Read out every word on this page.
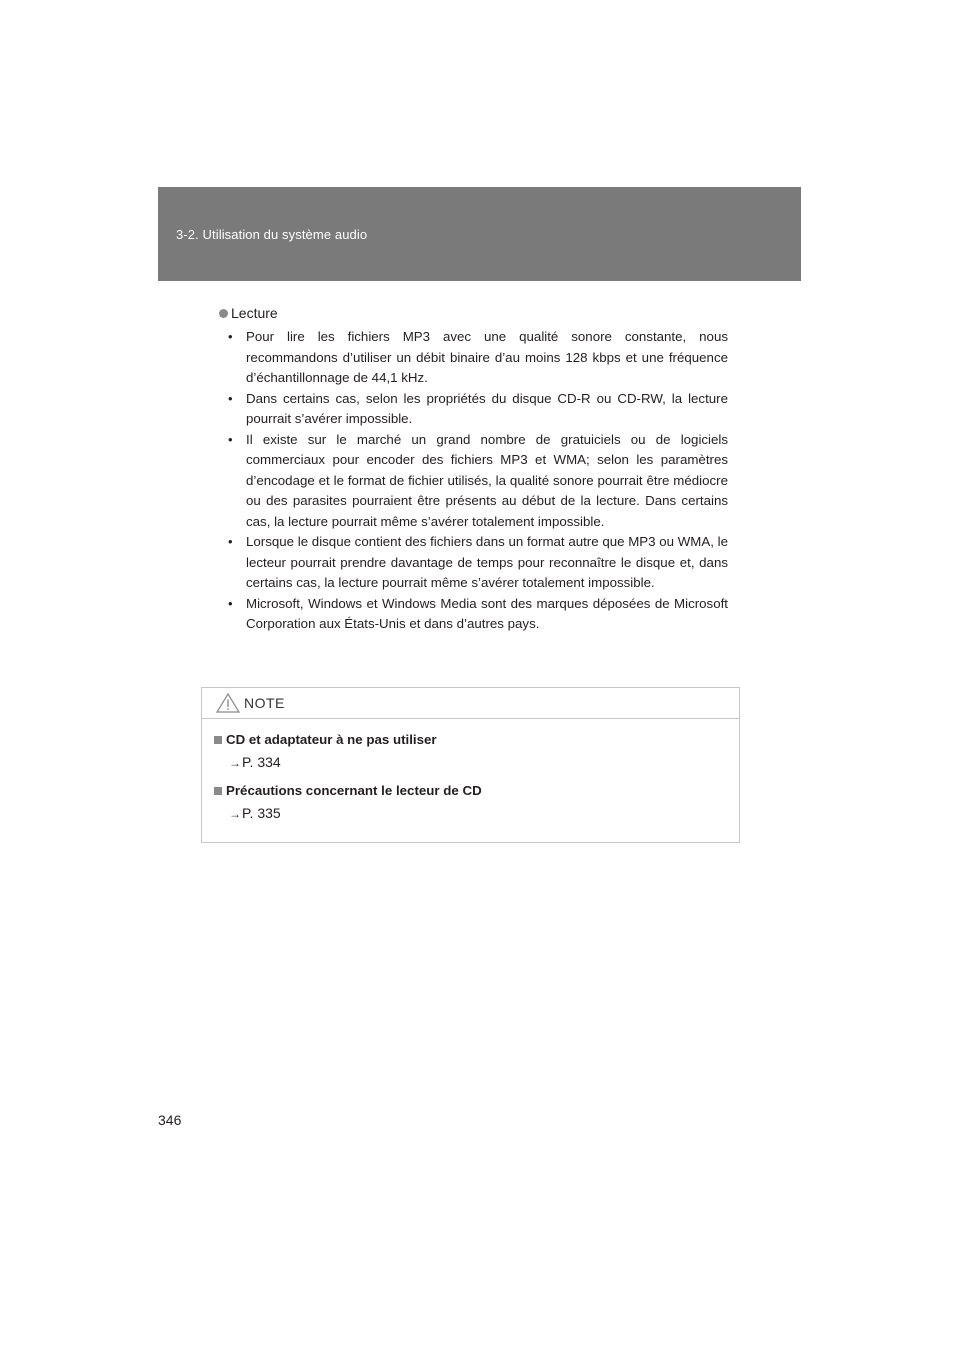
3-2. Utilisation du système audio
Lecture
• Pour lire les fichiers MP3 avec une qualité sonore constante, nous recommandons d’utiliser un débit binaire d’au moins 128 kbps et une fréquence d’échantillonnage de 44,1 kHz.
• Dans certains cas, selon les propriétés du disque CD-R ou CD-RW, la lecture pourrait s’avérer impossible.
• Il existe sur le marché un grand nombre de gratuiciels ou de logiciels commerciaux pour encoder des fichiers MP3 et WMA; selon les paramètres d’encodage et le format de fichier utilisés, la qualité sonore pourrait être médiocre ou des parasites pourraient être présents au début de la lecture. Dans certains cas, la lecture pourrait même s’avérer totalement impossible.
• Lorsque le disque contient des fichiers dans un format autre que MP3 ou WMA, le lecteur pourrait prendre davantage de temps pour reconnaître le disque et, dans certains cas, la lecture pourrait même s’avérer totalement impossible.
• Microsoft, Windows et Windows Media sont des marques déposées de Microsoft Corporation aux États-Unis et dans d’autres pays.
NOTE
CD et adaptateur à ne pas utiliser
→P. 334
Précautions concernant le lecteur de CD
→P. 335
346
